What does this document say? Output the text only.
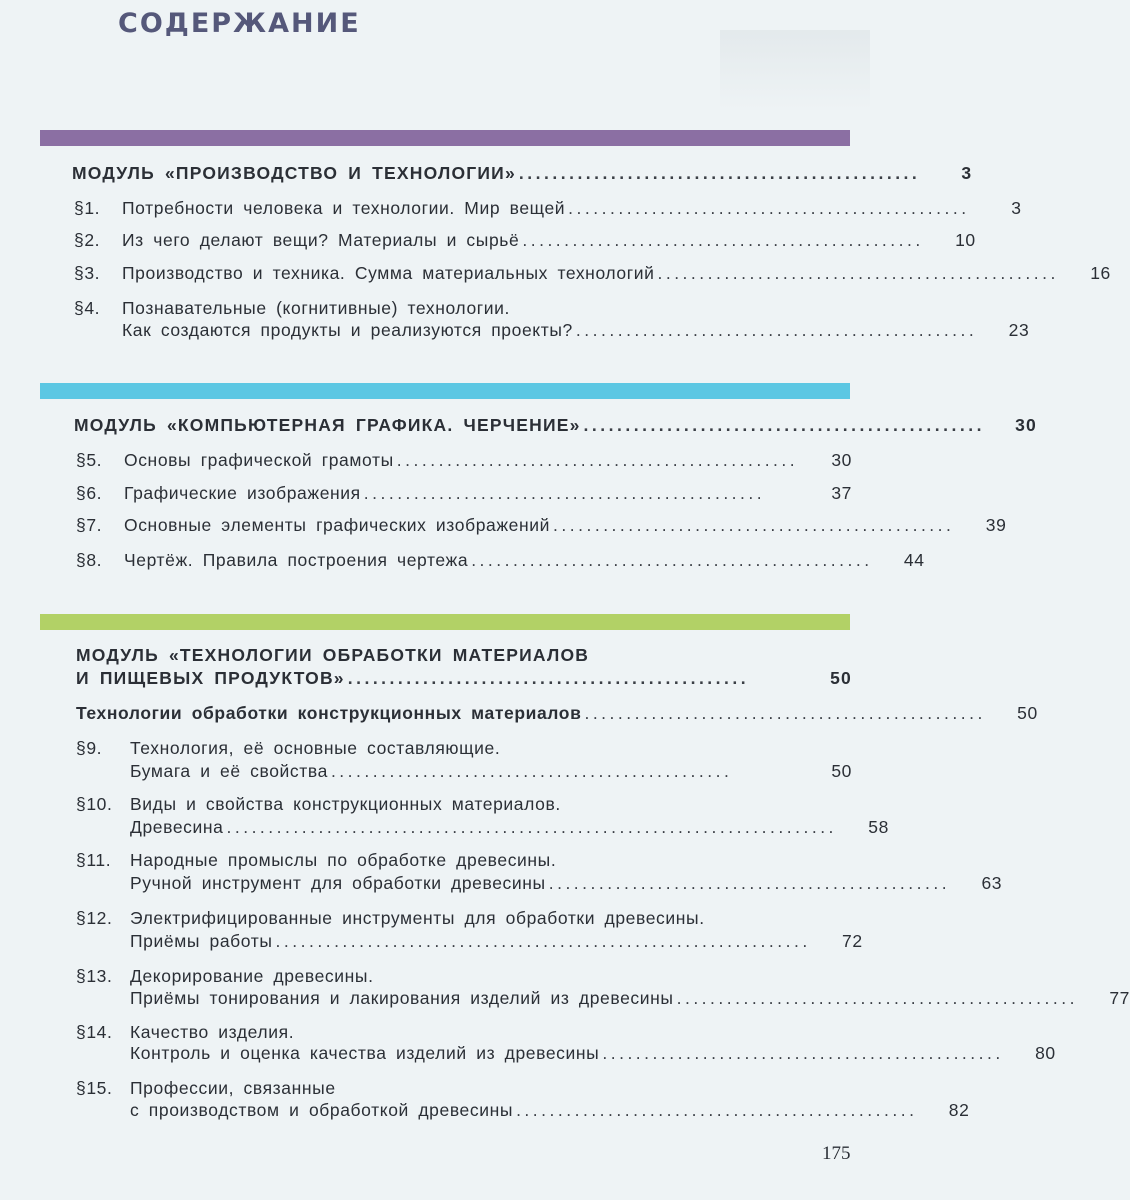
СОДЕРЖАНИЕ
МОДУЛЬ «ПРОИЗВОДСТВО И ТЕХНОЛОГИИ» ................................................	3
§1. Потребности человека и технологии. Мир вещей ................................................	3
§2. Из чего делают вещи? Материалы и сырьё ................................................	10
§3. Производство и техника. Сумма материальных технологий ................................................	16
§4. Познавательные (когнитивные) технологии.
Как создаются продукты и реализуются проекты? ................................................	23
МОДУЛЬ «КОМПЬЮТЕРНАЯ ГРАФИКА. ЧЕРЧЕНИЕ» ................................................	30
§5. Основы графической грамоты ................................................	30
§6. Графические изображения ................................................	37
§7. Основные элементы графических изображений ................................................	39
§8. Чертёж. Правила построения чертежа ................................................	44
МОДУЛЬ «ТЕХНОЛОГИИ ОБРАБОТКИ МАТЕРИАЛОВ
И ПИЩЕВЫХ ПРОДУКТОВ» ................................................	50
Технологии обработки конструкционных материалов ................................................	50
§9. Технология, её основные составляющие.
Бумага и её свойства ................................................	50
§10. Виды и свойства конструкционных материалов.
Древесина .........................................................................	58
§11. Народные промыслы по обработке древесины.
Ручной инструмент для обработки древесины ................................................	63
§12. Электрифицированные инструменты для обработки древесины.
Приёмы работы ................................................................	72
§13. Декорирование древесины.
Приёмы тонирования и лакирования изделий из древесины ................................................	77
§14. Качество изделия.
Контроль и оценка качества изделий из древесины ................................................	80
§15. Профессии, связанные
с производством и обработкой древесины ................................................	82
175
